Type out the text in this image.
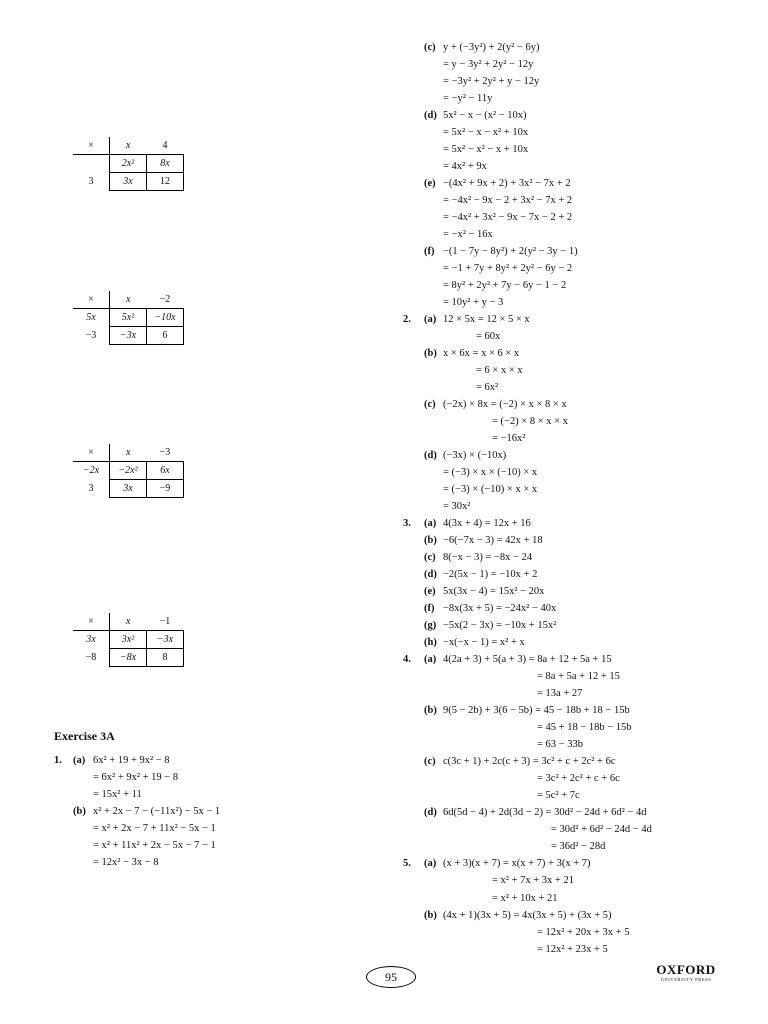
×	x	4
	2x²	8x
3	3x	12
×	x	−2
5x	5x²	−10x
−3	−3x	6
×	x	−3
−2x	−2x²	6x
3	3x	−9
×	x	−1
3x	3x²	−3x
−8	−8x	8
Exercise 3A
1. (a) 6x² + 19 + 9x² − 8
= 6x² + 9x² + 19 − 8
= 15x² + 11
(b) x² + 2x − 7 − (−11x²) − 5x − 1
= x² + 2x − 7 + 11x² − 5x − 1
= x² + 11x² + 2x − 5x − 7 − 1
= 12x² − 3x − 8
(c) y + (−3y²) + 2(y² − 6y)
= y − 3y² + 2y² − 12y
= −3y² + 2y² + y − 12y
= −y² − 11y
(d) 5x² − x − (x² − 10x)
= 5x² − x − x² + 10x
= 5x² − x² − x + 10x
= 4x² + 9x
(e) −(4x² + 9x + 2) + 3x² − 7x + 2
= −4x² − 9x − 2 + 3x² − 7x + 2
= −4x² + 3x² − 9x − 7x − 2 + 2
= −x² − 16x
(f) −(1 − 7y − 8y²) + 2(y² − 3y − 1)
= −1 + 7y + 8y² + 2y² − 6y − 2
= 8y² + 2y² + 7y − 6y − 1 − 2
= 10y² + y − 3
2. (a) 12 × 5x = 12 × 5 × x
= 60x
(b) x × 6x = x × 6 × x
= 6 × x × x
= 6x²
(c) (−2x) × 8x = (−2) × x × 8 × x
= (−2) × 8 × x × x
= −16x²
(d) (−3x) × (−10x)
= (−3) × x × (−10) × x
= (−3) × (−10) × x × x
= 30x²
3. (a) 4(3x + 4) = 12x + 16
(b) −6(−7x − 3) = 42x + 18
(c) 8(−x − 3) = −8x − 24
(d) −2(5x − 1) = −10x + 2
(e) 5x(3x − 4) = 15x² − 20x
(f) −8x(3x + 5) = −24x² − 40x
(g) −5x(2 − 3x) = −10x + 15x²
(h) −x(−x − 1) = x² + x
4. (a) 4(2a + 3) + 5(a + 3) = 8a + 12 + 5a + 15
= 8a + 5a + 12 + 15
= 13a + 27
(b) 9(5 − 2b) + 3(6 − 5b) = 45 − 18b + 18 − 15b
= 45 + 18 − 18b − 15b
= 63 − 33b
(c) c(3c + 1) + 2c(c + 3) = 3c² + c + 2c² + 6c
= 3c² + 2c² + c + 6c
= 5c² + 7c
(d) 6d(5d − 4) + 2d(3d − 2) = 30d² − 24d + 6d² − 4d
= 30d² + 6d² − 24d − 4d
= 36d² − 28d
5. (a) (x + 3)(x + 7) = x(x + 7) + 3(x + 7)
= x² + 7x + 3x + 21
= x² + 10x + 21
(b) (4x + 1)(3x + 5) = 4x(3x + 5) + (3x + 5)
= 12x² + 20x + 3x + 5
= 12x² + 23x + 5
95	OXFORD
UNIVERSITY PRESS
